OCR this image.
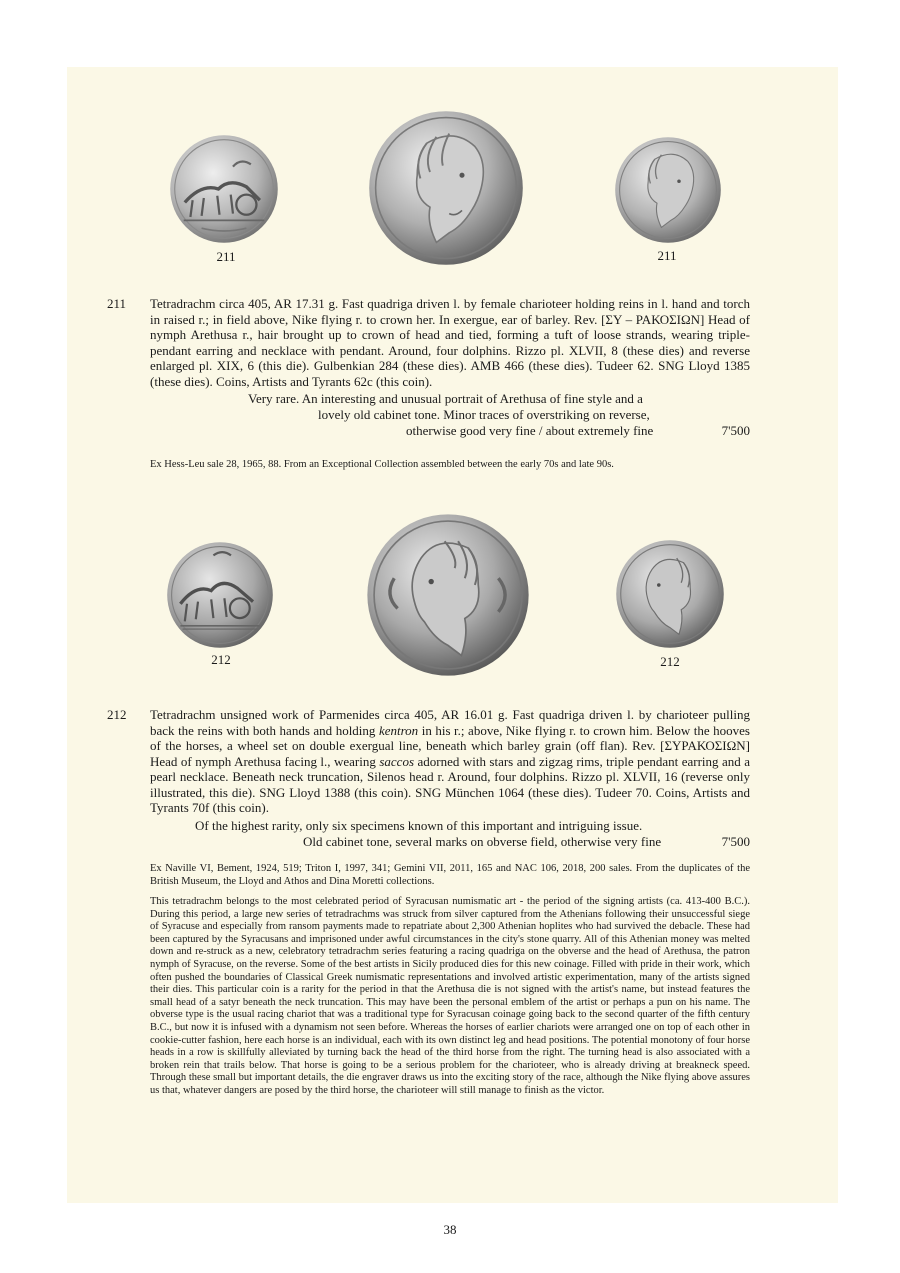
211	211
211 Tetradrachm circa 405, AR 17.31 g. Fast quadriga driven l. by female charioteer holding reins in l. hand and torch in raised r.; in field above, Nike flying r. to crown her. In exergue, ear of barley. Rev. [ΣΥ – ΡΑΚΟΣΙΩΝ] Head of nymph Arethusa r., hair brought up to crown of head and tied, forming a tuft of loose strands, wearing triple-pendant earring and necklace with pendant. Around, four dolphins. Rizzo pl. XLVII, 8 (these dies) and reverse enlarged pl. XIX, 6 (this die). Gulbenkian 284 (these dies). AMB 466 (these dies). Tudeer 62. SNG Lloyd 1385 (these dies). Coins, Artists and Tyrants 62c (this coin).

Very rare. An interesting and unusual portrait of Arethusa of fine style and a
lovely old cabinet tone. Minor traces of overstriking on reverse,
otherwise good very fine / about extremely fine	7'500
Ex Hess-Leu sale 28, 1965, 88. From an Exceptional Collection assembled between the early 70s and late 90s.
212	212
212 Tetradrachm unsigned work of Parmenides circa 405, AR 16.01 g. Fast quadriga driven l. by charioteer pulling back the reins with both hands and holding kentron in his r.; above, Nike flying r. to crown him. Below the hooves of the horses, a wheel set on double exergual line, beneath which barley grain (off flan). Rev. [ΣΥΡΑΚΟΣΙΩΝ] Head of nymph Arethusa facing l., wearing saccos adorned with stars and zigzag rims, triple pendant earring and a pearl necklace. Beneath neck truncation, Silenos head r. Around, four dolphins. Rizzo pl. XLVII, 16 (reverse only illustrated, this die). SNG Lloyd 1388 (this coin). SNG München 1064 (these dies). Tudeer 70. Coins, Artists and Tyrants 70f (this coin).

Of the highest rarity, only six specimens known of this important and intriguing issue.
Old cabinet tone, several marks on obverse field, otherwise very fine	7'500
Ex Naville VI, Bement, 1924, 519; Triton I, 1997, 341; Gemini VII, 2011, 165 and NAC 106, 2018, 200 sales. From the duplicates of the British Museum, the Lloyd and Athos and Dina Moretti collections.
This tetradrachm belongs to the most celebrated period of Syracusan numismatic art - the period of the signing artists (ca. 413-400 B.C.). During this period, a large new series of tetradrachms was struck from silver captured from the Athenians following their unsuccessful siege of Syracuse and especially from ransom payments made to repatriate about 2,300 Athenian hoplites who had survived the debacle. These had been captured by the Syracusans and imprisoned under awful circumstances in the city's stone quarry. All of this Athenian money was melted down and re-struck as a new, celebratory tetradrachm series featuring a racing quadriga on the obverse and the head of Arethusa, the patron nymph of Syracuse, on the reverse. Some of the best artists in Sicily produced dies for this new coinage. Filled with pride in their work, which often pushed the boundaries of Classical Greek numismatic representations and involved artistic experimentation, many of the artists signed their dies. This particular coin is a rarity for the period in that the Arethusa die is not signed with the artist's name, but instead features the small head of a satyr beneath the neck truncation. This may have been the personal emblem of the artist or perhaps a pun on his name. The obverse type is the usual racing chariot that was a traditional type for Syracusan coinage going back to the second quarter of the fifth century B.C., but now it is infused with a dynamism not seen before. Whereas the horses of earlier chariots were arranged one on top of each other in cookie-cutter fashion, here each horse is an individual, each with its own distinct leg and head positions. The potential monotony of four horse heads in a row is skillfully alleviated by turning back the head of the third horse from the right. The turning head is also associated with a broken rein that trails below. That horse is going to be a serious problem for the charioteer, who is already driving at breakneck speed. Through these small but important details, the die engraver draws us into the exciting story of the race, although the Nike flying above assures us that, whatever dangers are posed by the third horse, the charioteer will still manage to finish as the victor.
38
